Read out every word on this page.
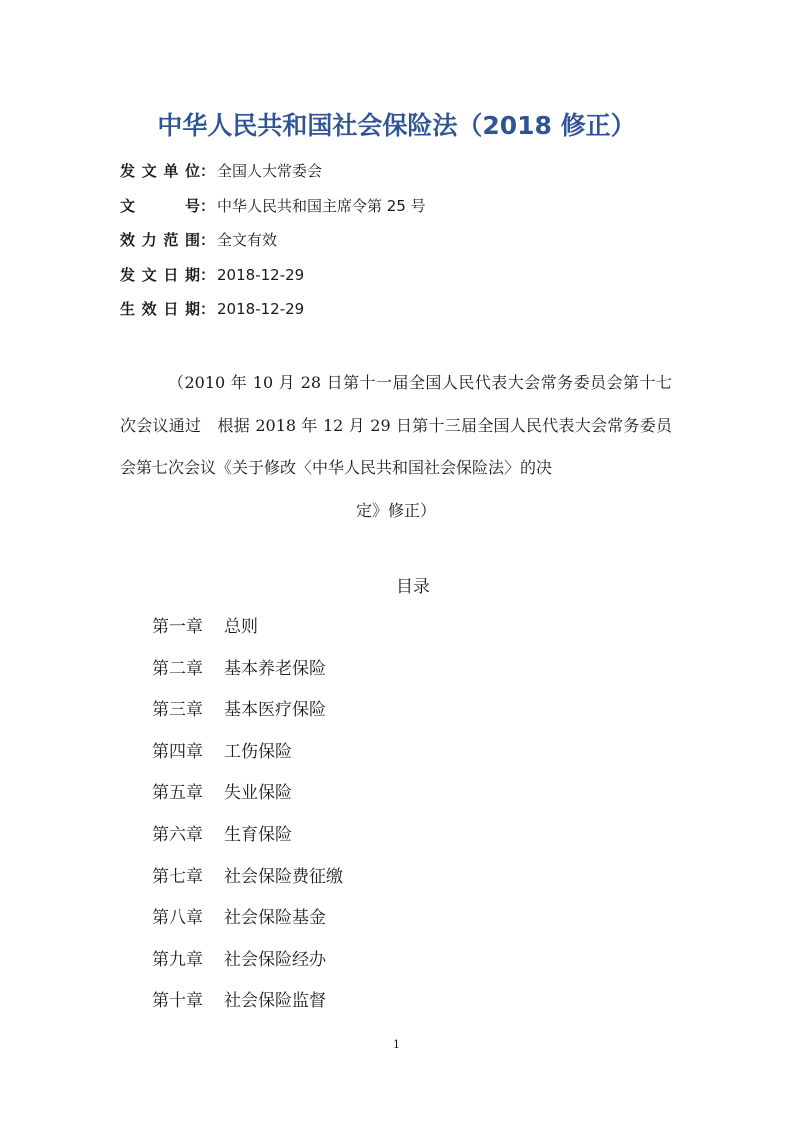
中华人民共和国社会保险法（2018 修正）
发文单位： 全国人大常委会
文　　号： 中华人民共和国主席令第 25 号
效力范围： 全文有效
发文日期： 2018-12-29
生效日期： 2018-12-29
（2010 年 10 月 28 日第十一届全国人民代表大会常务委员会第十七次会议通过　根据 2018 年 12 月 29 日第十三届全国人民代表大会常务委员会第七次会议《关于修改〈中华人民共和国社会保险法〉的决
定》修正）
目录
第一章 总则
第二章 基本养老保险
第三章 基本医疗保险
第四章 工伤保险
第五章 失业保险
第六章 生育保险
第七章 社会保险费征缴
第八章 社会保险基金
第九章 社会保险经办
第十章 社会保险监督
1
